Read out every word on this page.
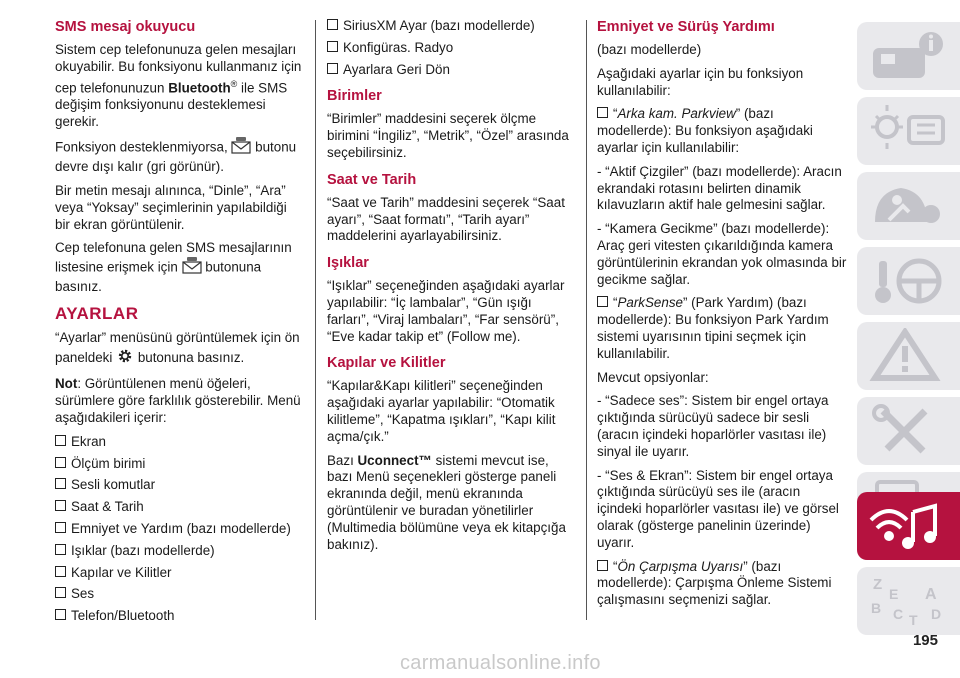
SMS mesaj okuyucu

Sistem cep telefonunuza gelen mesajları okuyabilir. Bu fonksiyonu kullanmanız için cep telefonunuzun Bluetooth® ile SMS değişim fonksiyonunu desteklemesi gerekir.

Fonksiyon desteklenmiyorsa, butonu devre dışı kalır (gri görünür).

Bir metin mesajı alınınca, “Dinle”, “Ara” veya “Yoksay” seçimlerinin yapılabildiği bir ekran görüntülenir.

Cep telefonuna gelen SMS mesajlarının listesine erişmek için butonuna basınız.

AYARLAR

“Ayarlar” menüsünü görüntülemek için ön paneldeki butonuna basınız.

Not: Görüntülenen menü öğeleri, sürümlere göre farklılık gösterebilir. Menü aşağıdakileri içerir:

Ekran
Ölçüm birimi
Sesli komutlar
Saat & Tarih
Emniyet ve Yardım (bazı modellerde)
Işıklar (bazı modellerde)
Kapılar ve Kilitler
Ses
Telefon/Bluetooth
SiriusXM Ayar (bazı modellerde)
Konfigüras. Radyo
Ayarlara Geri Dön
Birimler

“Birimler” maddesini seçerek ölçme birimini “İngiliz”, “Metrik”, “Özel” arasında seçebilirsiniz.

Saat ve Tarih

“Saat ve Tarih” maddesini seçerek “Saat ayarı”, “Saat formatı”, “Tarih ayarı” maddelerini ayarlayabilirsiniz.

Işıklar

“Işıklar” seçeneğinden aşağıdaki ayarlar yapılabilir: “İç lambalar”, “Gün ışığı farları”, “Viraj lambaları”, “Far sensörü”, “Eve kadar takip et” (Follow me).

Kapılar ve Kilitler

“Kapılar&Kapı kilitleri” seçeneğinden aşağıdaki ayarlar yapılabilir: “Otomatik kilitleme”, “Kapatma ışıkları”, “Kapı kilit açma/çık.”

Bazı Uconnect™ sistemi mevcut ise, bazı Menü seçenekleri gösterge paneli ekranında değil, menü ekranında görüntülenir ve buradan yönetilirler (Multimedia bölümüne veya ek kitapçığa bakınız).

Emniyet ve Sürüş Yardımı

(bazı modellerde)

Aşağıdaki ayarlar için bu fonksiyon kullanılabilir:

“Arka kam. Parkview” (bazı modellerde): Bu fonksiyon aşağıdaki ayarlar için kullanılabilir:

- “Aktif Çizgiler” (bazı modellerde): Aracın ekrandaki rotasını belirten dinamik kılavuzların aktif hale gelmesini sağlar.

- “Kamera Gecikme” (bazı modellerde): Araç geri vitesten çıkarıldığında kamera görüntülerinin ekrandan yok olmasında bir gecikme sağlar.

“ParkSense” (Park Yardım) (bazı modellerde): Bu fonksiyon Park Yardım sistemi uyarısının tipini seçmek için kullanılabilir.

Mevcut opsiyonlar:

- “Sadece ses”: Sistem bir engel ortaya çıktığında sürücüyü sadece bir sesli (aracın içindeki hoparlörler vasıtası ile) sinyal ile uyarır.

- “Ses & Ekran”: Sistem bir engel ortaya çıktığında sürücüyü ses ile (aracın içindeki hoparlörler vasıtası ile) ve görsel olarak (gösterge panelinin üzerinde) uyarır.

“Ön Çarpışma Uyarısı” (bazı modellerde): Çarpışma Önleme Sistemi çalışmasını seçmenizi sağlar.

Z
E A
B C T D
195
carmanualsonline.info
